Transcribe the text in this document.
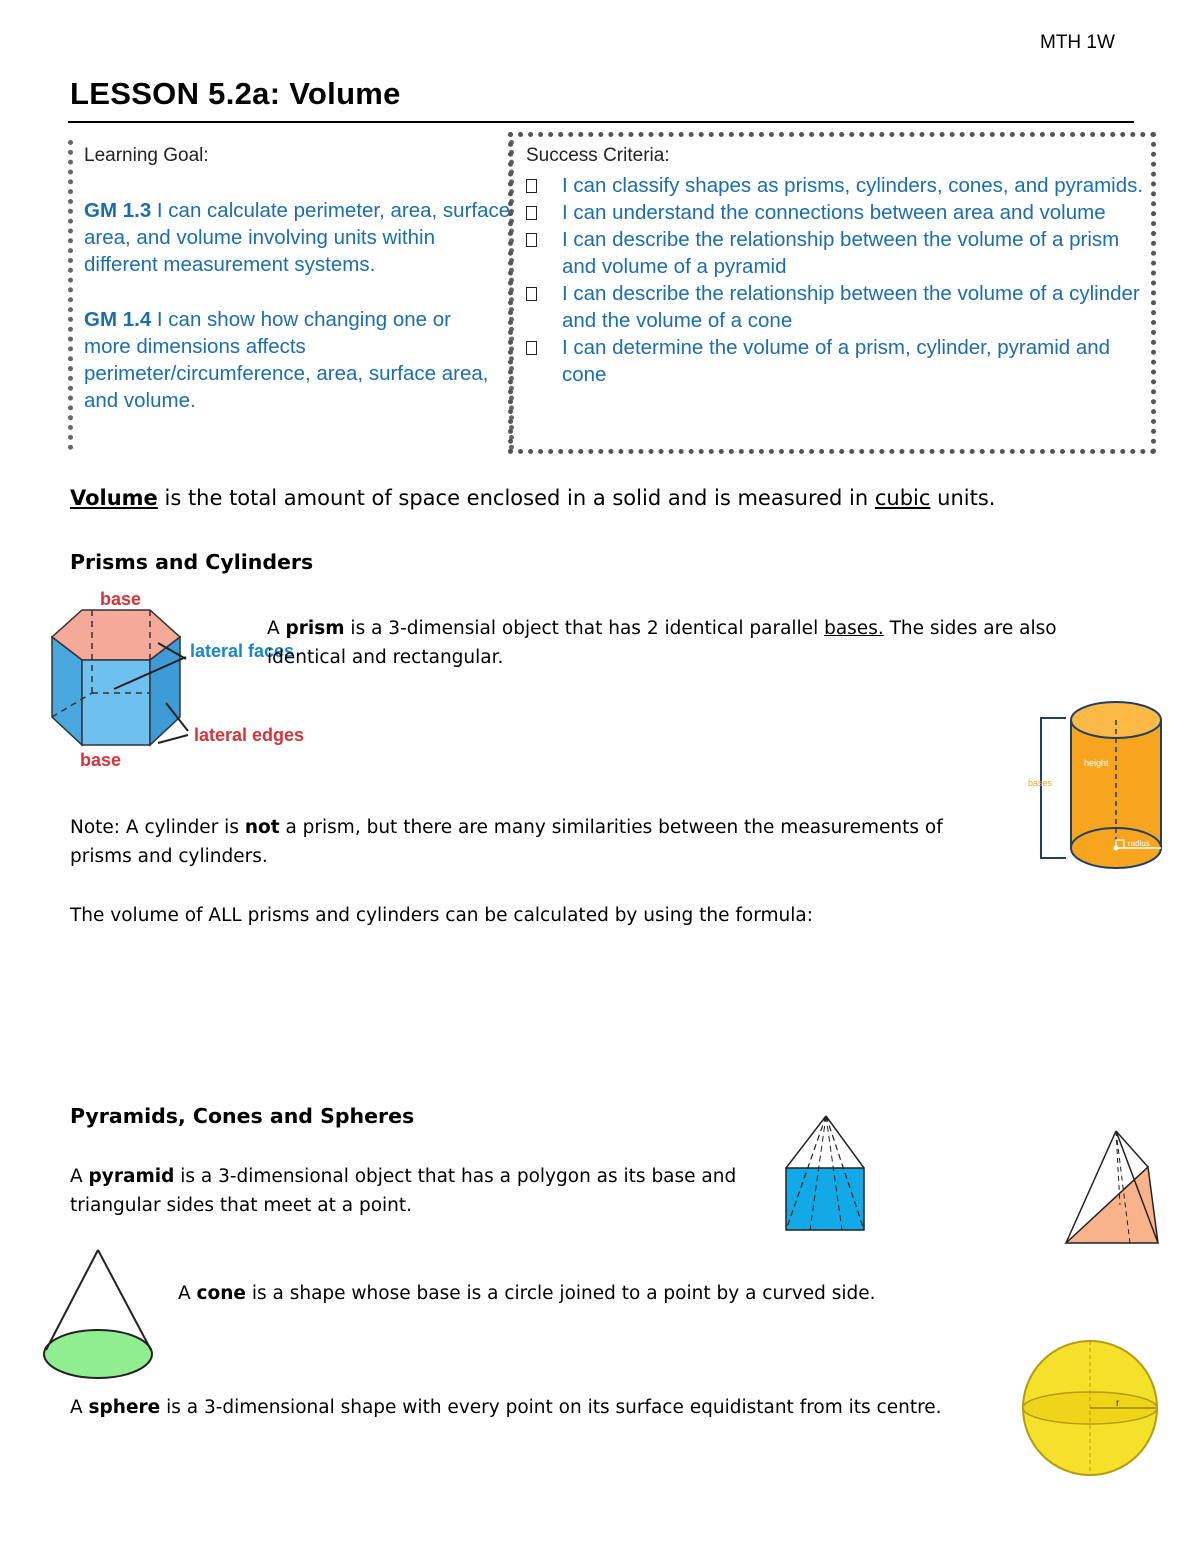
MTH 1W
LESSON 5.2a: Volume
Learning Goal:
GM 1.3 I can calculate perimeter, area, surface area, and volume involving units within different measurement systems.
GM 1.4 I can show how changing one or more dimensions affects perimeter/circumference, area, surface area, and volume.
Success Criteria:
I can classify shapes as prisms, cylinders, cones, and pyramids.
I can understand the connections between area and volume
I can describe the relationship between the volume of a prism and volume of a pyramid
I can describe the relationship between the volume of a cylinder and the volume of a cone
I can determine the volume of a prism, cylinder, pyramid and cone
Volume is the total amount of space enclosed in a solid and is measured in cubic units.
Prisms and Cylinders
base
lateral faces
lateral edges
base
A prism is a 3-dimensial object that has 2 identical parallel bases. The sides are also identical and rectangular.
bases
height
radius
Note: A cylinder is not a prism, but there are many similarities between the measurements of prisms and cylinders.
The volume of ALL prisms and cylinders can be calculated by using the formula:
Pyramids, Cones and Spheres
A pyramid is a 3-dimensional object that has a polygon as its base and triangular sides that meet at a point.
A cone is a shape whose base is a circle joined to a point by a curved side.
A sphere is a 3-dimensional shape with every point on its surface equidistant from its centre.	r
